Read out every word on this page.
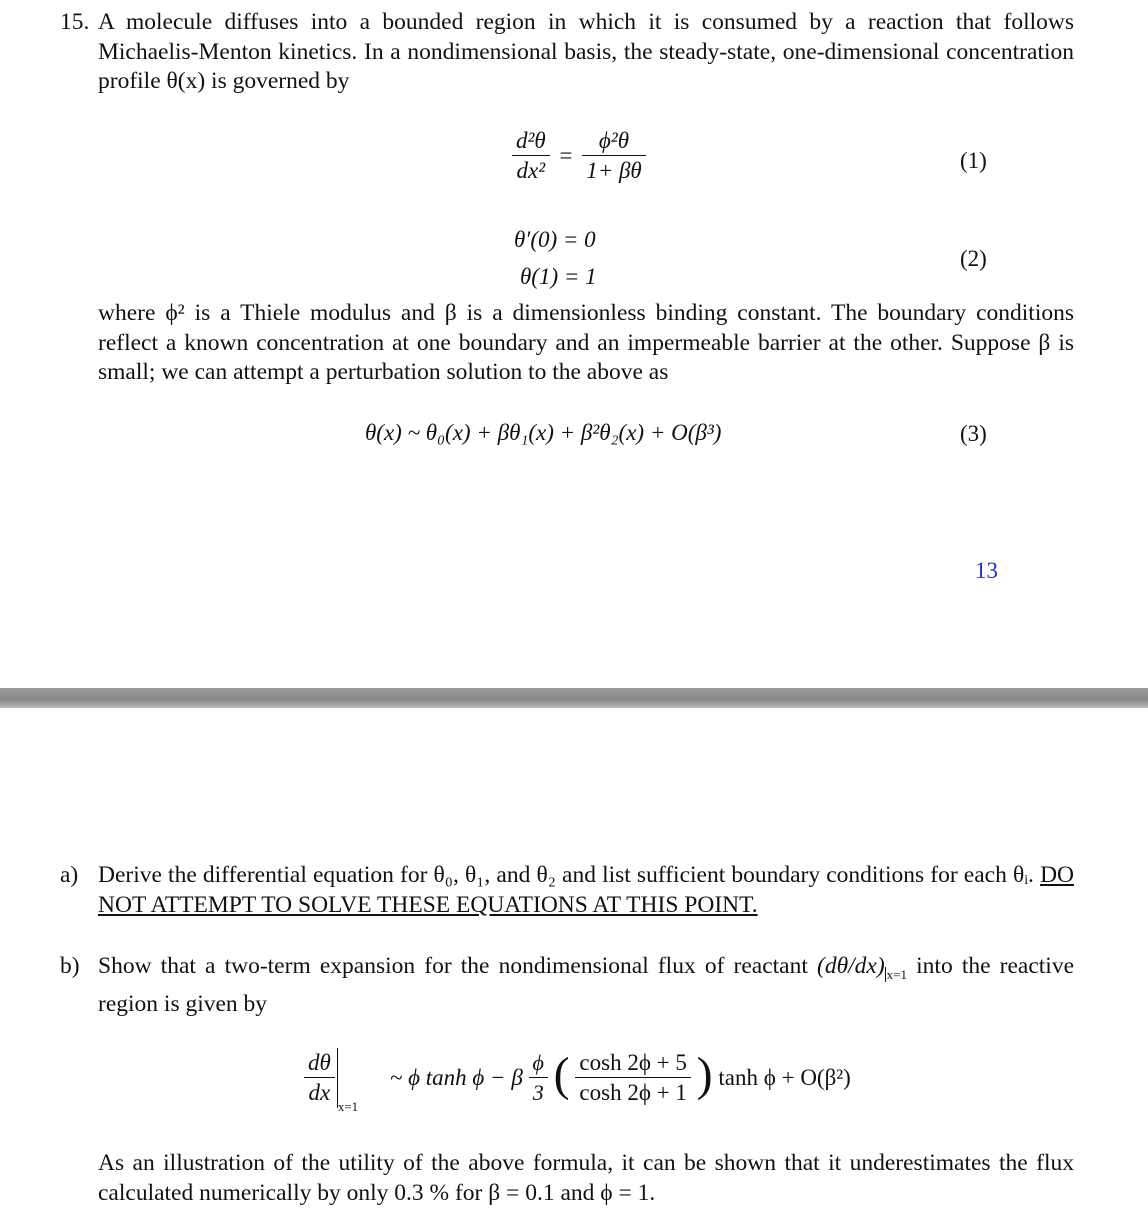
15. A molecule diffuses into a bounded region in which it is consumed by a reaction that follows Michaelis-Menton kinetics. In a nondimensional basis, the steady-state, one-dimensional concentration profile θ(x) is governed by
$\frac{\text{d²θ}}{\text{dx²}} = \frac{\text{ϕ²θ}}{1+ \beta\theta}$	(1)
θ′(0) = 0
θ(1) = 1
(2)
where ϕ² is a Thiele modulus and β is a dimensionless binding constant. The boundary conditions reflect a known concentration at one boundary and an impermeable barrier at the other. Suppose β is small; we can attempt a perturbation solution to the above as
θ(x) ~ θ₀(x) + βθ₁(x) + β²θ₂(x) + O(β³)	(3)
13
a) Derive the differential equation for θ₀, θ₁, and θ₂ and list sufficient boundary conditions for each θᵢ. DO NOT ATTEMPT TO SOLVE THESE EQUATIONS AT THIS POINT.
b) Show that a two-term expansion for the nondimensional flux of reactant (dθ/dx) $_{x=1}$ into the reactive region is given by
$\frac{d\theta}{dx}$
$_{x=1}$ ~ ϕ tanh ϕ − β $\frac{\phi}{3}$ ( $\frac{\cosh 2\phi + 5}{\cosh 2\phi + 1}$ ) tanh ϕ + O(β²)
As an illustration of the utility of the above formula, it can be shown that it underestimates the flux calculated numerically by only 0.3 % for β = 0.1 and ϕ = 1.
